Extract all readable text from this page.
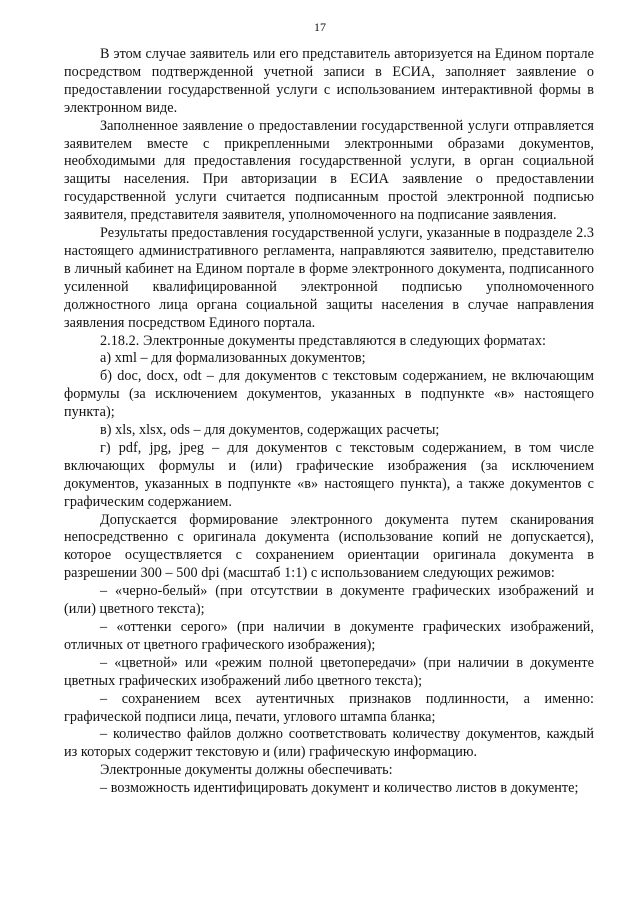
17

В этом случае заявитель или его представитель авторизуется на Едином портале посредством подтвержденной учетной записи в ЕСИА, заполняет заявление о предоставлении государственной услуги с использованием интерактивной формы в электронном виде.

Заполненное заявление о предоставлении государственной услуги отправляется заявителем вместе с прикрепленными электронными образами документов, необходимыми для предоставления государственной услуги, в орган социальной защиты населения. При авторизации в ЕСИА заявление о предоставлении государственной услуги считается подписанным простой электронной подписью заявителя, представителя заявителя, уполномоченного на подписание заявления.

Результаты предоставления государственной услуги, указанные в подразделе 2.3 настоящего административного регламента, направляются заявителю, представителю в личный кабинет на Едином портале в форме электронного документа, подписанного усиленной квалифицированной электронной подписью уполномоченного должностного лица органа социальной защиты населения в случае направления заявления посредством Единого портала.

2.18.2. Электронные документы представляются в следующих форматах:

а) xml – для формализованных документов;

б) doc, docx, odt – для документов с текстовым содержанием, не включающим формулы (за исключением документов, указанных в подпункте «в» настоящего пункта);

в) xls, xlsx, ods – для документов, содержащих расчеты;

г) pdf, jpg, jpeg – для документов с текстовым содержанием, в том числе включающих формулы и (или) графические изображения (за исключением документов, указанных в подпункте «в» настоящего пункта), а также документов с графическим содержанием.

Допускается формирование электронного документа путем сканирования непосредственно с оригинала документа (использование копий не допускается), которое осуществляется с сохранением ориентации оригинала документа в разрешении 300 – 500 dpi (масштаб 1:1) с использованием следующих режимов:

– «черно-белый» (при отсутствии в документе графических изображений и (или) цветного текста);

– «оттенки серого» (при наличии в документе графических изображений, отличных от цветного графического изображения);

– «цветной» или «режим полной цветопередачи» (при наличии в документе цветных графических изображений либо цветного текста);

– сохранением всех аутентичных признаков подлинности, а именно: графической подписи лица, печати, углового штампа бланка;

– количество файлов должно соответствовать количеству документов, каждый из которых содержит текстовую и (или) графическую информацию.

Электронные документы должны обеспечивать:

– возможность идентифицировать документ и количество листов в документе;
